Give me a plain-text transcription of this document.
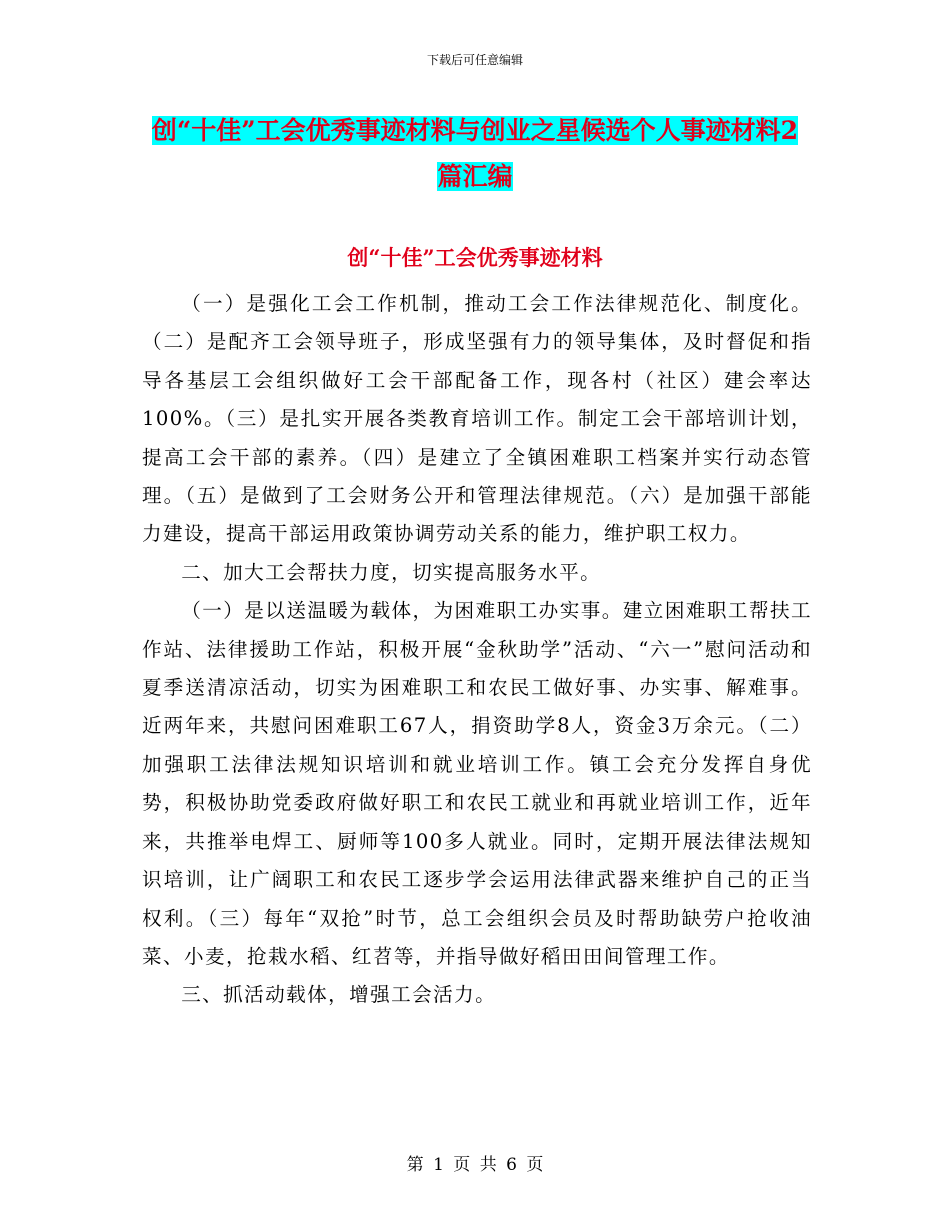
下载后可任意编辑
创“十佳”工会优秀事迹材料与创业之星候选个人事迹材料2篇汇编
创“十佳”工会优秀事迹材料

（一）是强化工会工作机制，推动工会工作法律规范化、制度化。（二）是配齐工会领导班子，形成坚强有力的领导集体，及时督促和指导各基层工会组织做好工会干部配备工作，现各村（社区）建会率达100%。（三）是扎实开展各类教育培训工作。制定工会干部培训计划，提高工会干部的素养。（四）是建立了全镇困难职工档案并实行动态管理。（五）是做到了工会财务公开和管理法律规范。（六）是加强干部能力建设，提高干部运用政策协调劳动关系的能力，维护职工权力。

二、加大工会帮扶力度，切实提高服务水平。

（一）是以送温暖为载体，为困难职工办实事。建立困难职工帮扶工作站、法律援助工作站，积极开展“金秋助学”活动、“六一”慰问活动和夏季送清凉活动，切实为困难职工和农民工做好事、办实事、解难事。近两年来，共慰问困难职工67人，捐资助学8人，资金3万余元。（二）加强职工法律法规知识培训和就业培训工作。镇工会充分发挥自身优势，积极协助党委政府做好职工和农民工就业和再就业培训工作，近年来，共推举电焊工、厨师等100多人就业。同时，定期开展法律法规知识培训，让广阔职工和农民工逐步学会运用法律武器来维护自己的正当权利。（三）每年“双抢”时节，总工会组织会员及时帮助缺劳户抢收油菜、小麦，抢栽水稻、红苕等，并指导做好稻田田间管理工作。

三、抓活动载体，增强工会活力。

第 1 页 共 6 页
